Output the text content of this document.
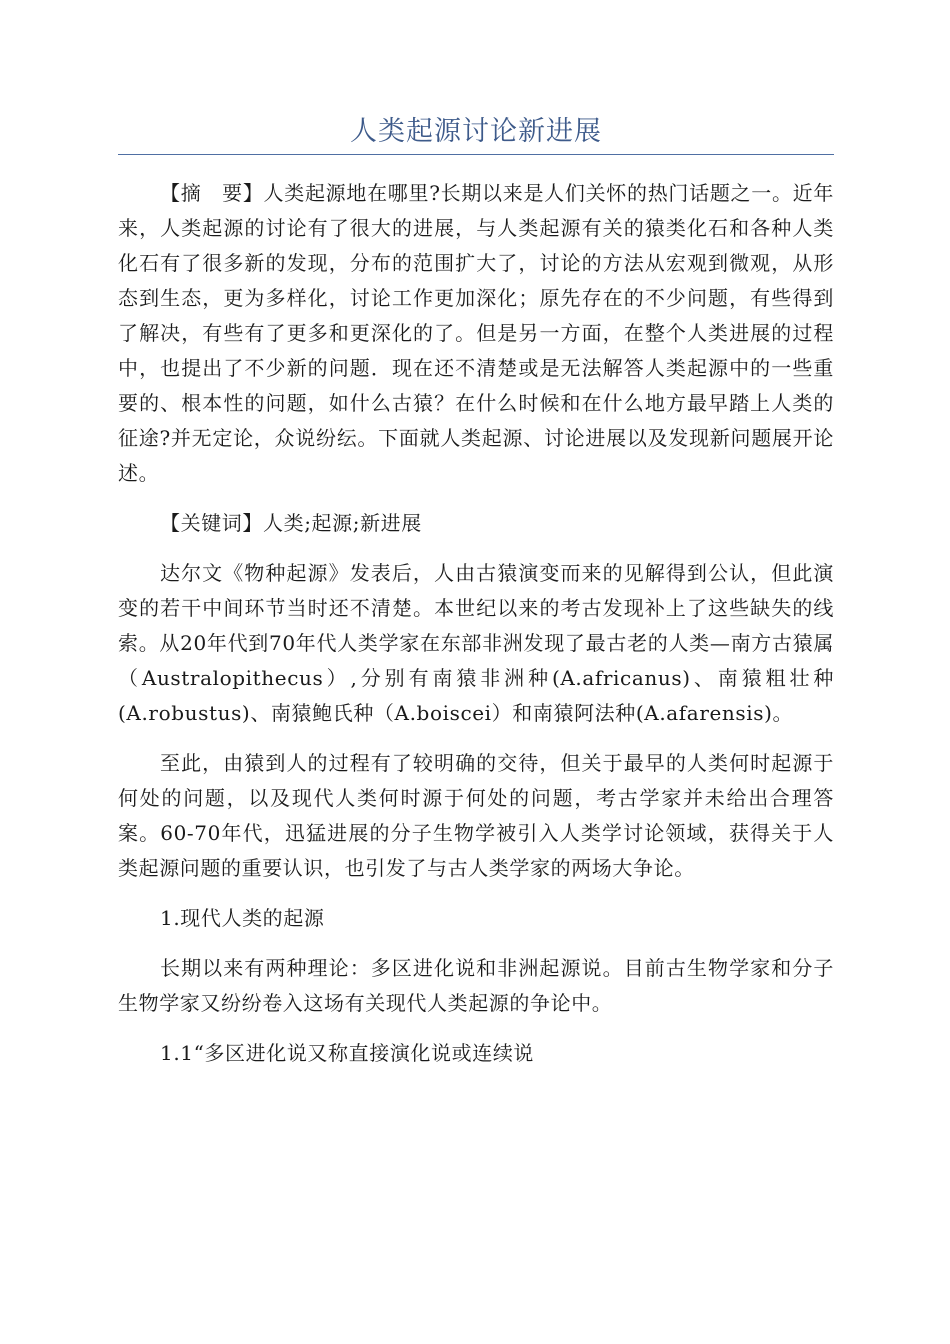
人类起源讨论新进展

【摘　要】人类起源地在哪里?长期以来是人们关怀的热门话题之一。近年来，人类起源的讨论有了很大的进展，与人类起源有关的猿类化石和各种人类化石有了很多新的发现，分布的范围扩大了，讨论的方法从宏观到微观，从形态到生态，更为多样化，讨论工作更加深化；原先存在的不少问题，有些得到了解决，有些有了更多和更深化的了。但是另一方面，在整个人类进展的过程中，也提出了不少新的问题．现在还不清楚或是无法解答人类起源中的一些重要的、根本性的问题，如什么古猿？在什么时候和在什么地方最早踏上人类的征途?并无定论，众说纷纭。下面就人类起源、讨论进展以及发现新问题展开论述。

【关键词】人类;起源;新进展

达尔文《物种起源》发表后，人由古猿演变而来的见解得到公认，但此演变的若干中间环节当时还不清楚。本世纪以来的考古发现补上了这些缺失的线索。从20年代到70年代人类学家在东部非洲发现了最古老的人类—南方古猿属（Australopithecus）,分别有南猿非洲种(A.africanus)、南猿粗壮种(A.robustus)、南猿鲍氏种（A.boiscei）和南猿阿法种(A.afarensis)。

至此，由猿到人的过程有了较明确的交待，但关于最早的人类何时起源于何处的问题，以及现代人类何时源于何处的问题，考古学家并未给出合理答案。60-70年代，迅猛进展的分子生物学被引入人类学讨论领域，获得关于人类起源问题的重要认识，也引发了与古人类学家的两场大争论。

1.现代人类的起源

长期以来有两种理论：多区进化说和非洲起源说。目前古生物学家和分子生物学家又纷纷卷入这场有关现代人类起源的争论中。

1.1“多区进化说又称直接演化说或连续说
